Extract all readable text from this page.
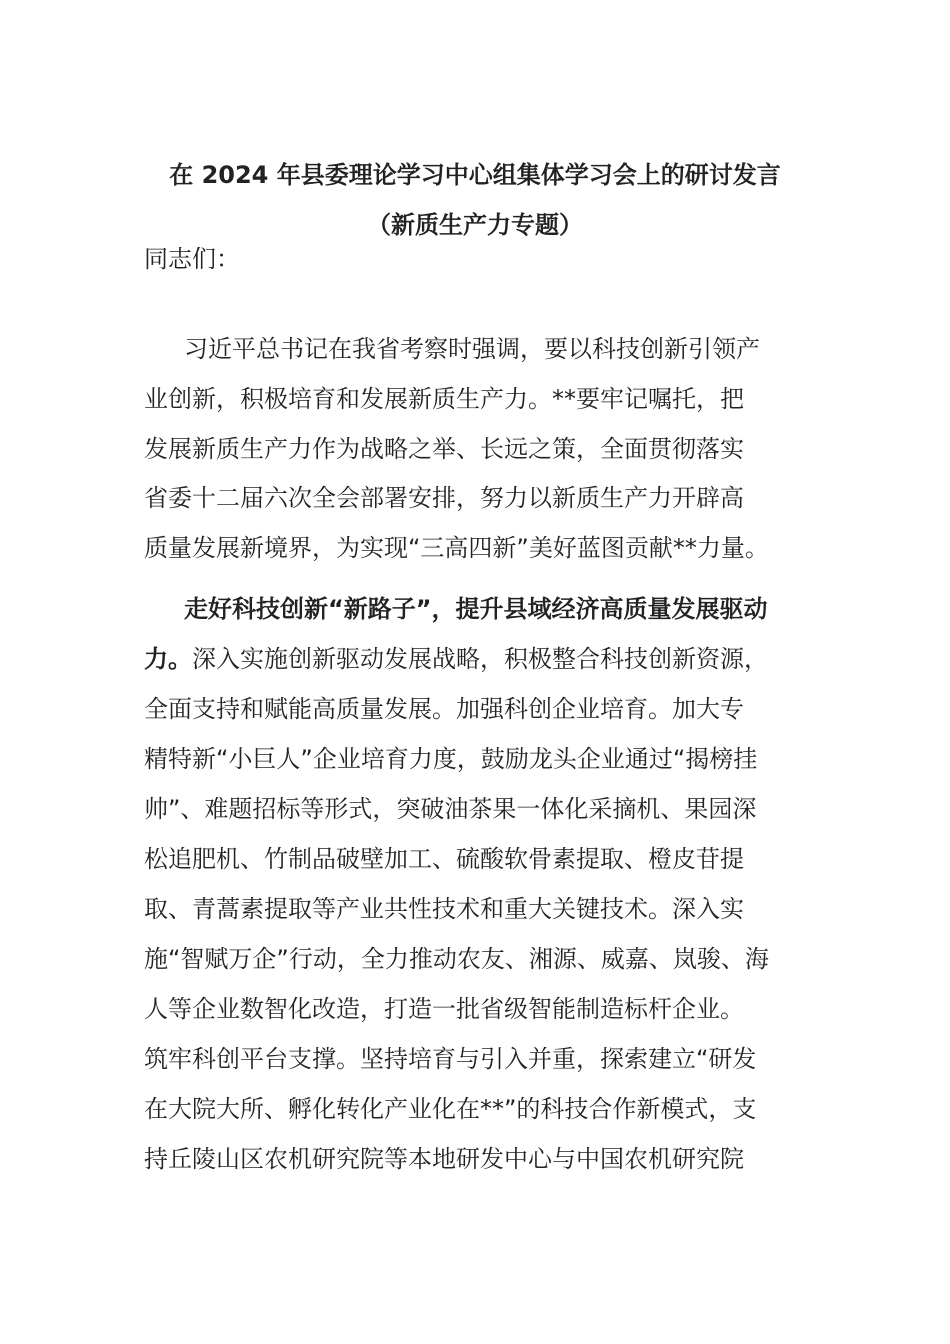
在 2024 年县委理论学习中心组集体学习会上的研讨发言
（新质生产力专题）
同志们：
习近平总书记在我省考察时强调，要以科技创新引领产
业创新，积极培育和发展新质生产力。**要牢记嘱托，把
发展新质生产力作为战略之举、长远之策，全面贯彻落实
省委十二届六次全会部署安排，努力以新质生产力开辟高
质量发展新境界，为实现“三高四新”美好蓝图贡献**力量。
走好科技创新“新路子”，提升县域经济高质量发展驱动
力。深入实施创新驱动发展战略，积极整合科技创新资源，
全面支持和赋能高质量发展。加强科创企业培育。加大专
精特新“小巨人”企业培育力度，鼓励龙头企业通过“揭榜挂
帅”、难题招标等形式，突破油茶果一体化采摘机、果园深
松追肥机、竹制品破壁加工、硫酸软骨素提取、橙皮苷提
取、青蒿素提取等产业共性技术和重大关键技术。深入实
施“智赋万企”行动，全力推动农友、湘源、威嘉、岚骏、海
人等企业数智化改造，打造一批省级智能制造标杆企业。
筑牢科创平台支撑。坚持培育与引入并重，探索建立“研发
在大院大所、孵化转化产业化在**”的科技合作新模式，支
持丘陵山区农机研究院等本地研发中心与中国农机研究院
